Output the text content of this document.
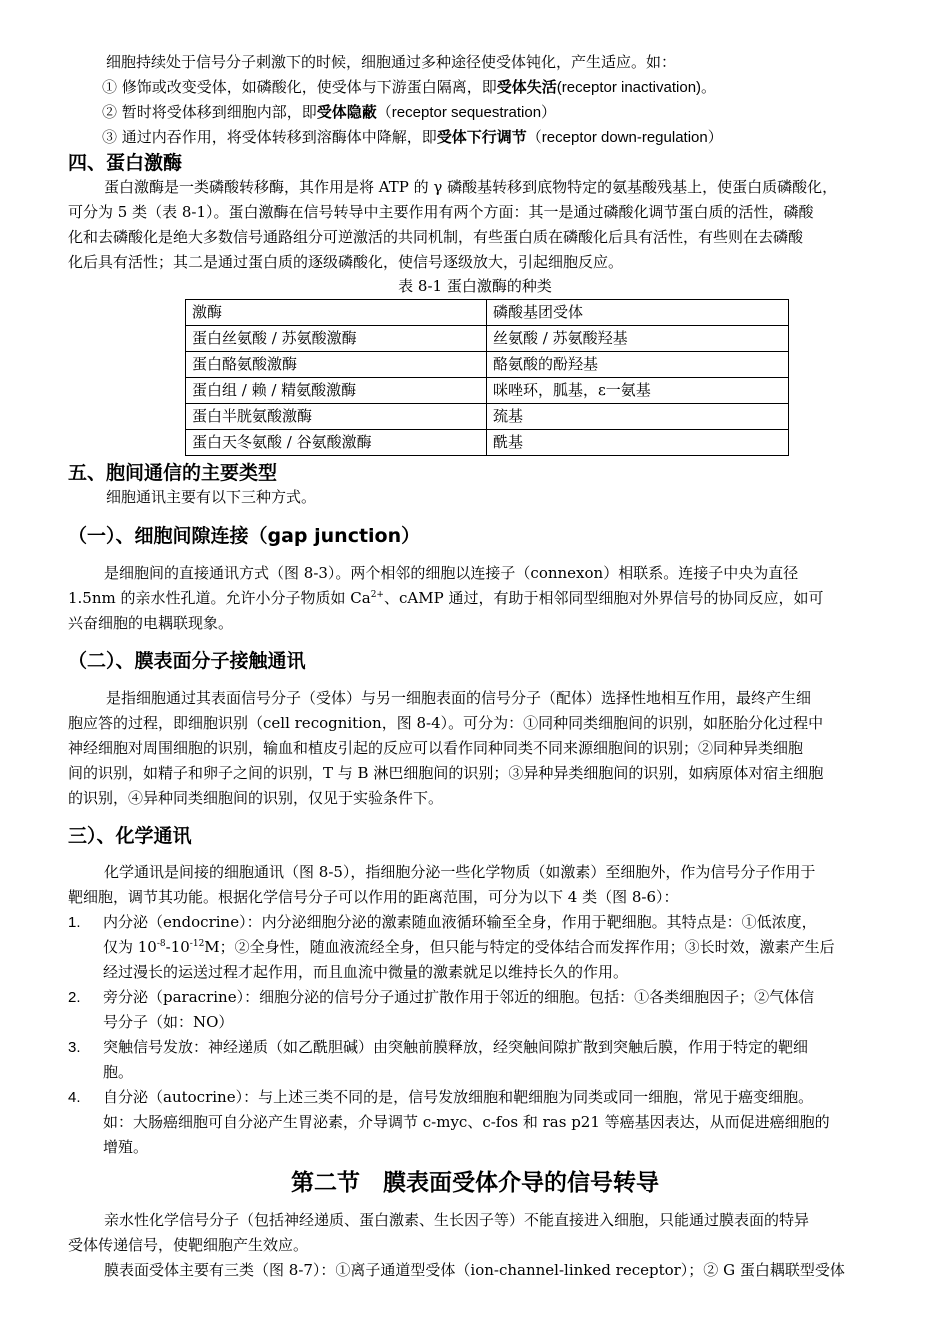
细胞持续处于信号分子刺激下的时候，细胞通过多种途径使受体钝化，产生适应。如：
① 修饰或改变受体，如磷酸化，使受体与下游蛋白隔离，即受体失活(receptor inactivation)。
② 暂时将受体移到细胞内部，即受体隐蔽（receptor sequestration）
③ 通过内吞作用，将受体转移到溶酶体中降解，即受体下行调节（receptor down-regulation）
四、蛋白激酶
蛋白激酶是一类磷酸转移酶，其作用是将 ATP 的 γ 磷酸基转移到底物特定的氨基酸残基上，使蛋白质磷酸化，
可分为 5 类（表 8-1）。蛋白激酶在信号转导中主要作用有两个方面：其一是通过磷酸化调节蛋白质的活性，磷酸
化和去磷酸化是绝大多数信号通路组分可逆激活的共同机制，有些蛋白质在磷酸化后具有活性，有些则在去磷酸
化后具有活性；其二是通过蛋白质的逐级磷酸化，使信号逐级放大，引起细胞反应。
表 8-1 蛋白激酶的种类
激酶	磷酸基团受体
蛋白丝氨酸 / 苏氨酸激酶	丝氨酸 / 苏氨酸羟基
蛋白酪氨酸激酶	酪氨酸的酚羟基
蛋白组 / 赖 / 精氨酸激酶	咪唑环，胍基，ε一氨基
蛋白半胱氨酸激酶	巯基
蛋白天冬氨酸 / 谷氨酸激酶	酰基
五、胞间通信的主要类型
细胞通讯主要有以下三种方式。
（一）、细胞间隙连接（gap junction）
是细胞间的直接通讯方式（图 8-3）。两个相邻的细胞以连接子（connexon）相联系。连接子中央为直径
1.5nm 的亲水性孔道。允许小分子物质如 $Ca^{2+}$、cAMP 通过，有助于相邻同型细胞对外界信号的协同反应，如可
兴奋细胞的电耦联现象。
（二）、膜表面分子接触通讯
是指细胞通过其表面信号分子（受体）与另一细胞表面的信号分子（配体）选择性地相互作用，最终产生细
胞应答的过程，即细胞识别（cell recognition，图 8-4）。可分为：①同种同类细胞间的识别，如胚胎分化过程中
神经细胞对周围细胞的识别，输血和植皮引起的反应可以看作同种同类不同来源细胞间的识别；②同种异类细胞
间的识别，如精子和卵子之间的识别，T 与 B 淋巴细胞间的识别；③异种异类细胞间的识别，如病原体对宿主细胞
的识别，④异种同类细胞间的识别，仅见于实验条件下。
三）、化学通讯
化学通讯是间接的细胞通讯（图 8-5），指细胞分泌一些化学物质（如激素）至细胞外，作为信号分子作用于
靶细胞，调节其功能。根据化学信号分子可以作用的距离范围，可分为以下 4 类（图 8-6）：
1. 内分泌（endocrine）：内分泌细胞分泌的激素随血液循环输至全身，作用于靶细胞。其特点是：①低浓度，
仅为 $10^{-8}-10^{-12}M$；②全身性，随血液流经全身，但只能与特定的受体结合而发挥作用；③长时效，激素产生后
经过漫长的运送过程才起作用，而且血流中微量的激素就足以维持长久的作用。
2. 旁分泌（paracrine）：细胞分泌的信号分子通过扩散作用于邻近的细胞。包括：①各类细胞因子；②气体信
号分子（如：NO）
3. 突触信号发放：神经递质（如乙酰胆碱）由突触前膜释放，经突触间隙扩散到突触后膜，作用于特定的靶细
胞。
4. 自分泌（autocrine）：与上述三类不同的是，信号发放细胞和靶细胞为同类或同一细胞，常见于癌变细胞。
如：大肠癌细胞可自分泌产生胃泌素，介导调节 c-myc、c-fos 和 ras p21 等癌基因表达，从而促进癌细胞的
增殖。
第二节　膜表面受体介导的信号转导
亲水性化学信号分子（包括神经递质、蛋白激素、生长因子等）不能直接进入细胞，只能通过膜表面的特异
受体传递信号，使靶细胞产生效应。
膜表面受体主要有三类（图 8-7）：①离子通道型受体（ion-channel-linked receptor）；② G 蛋白耦联型受体
